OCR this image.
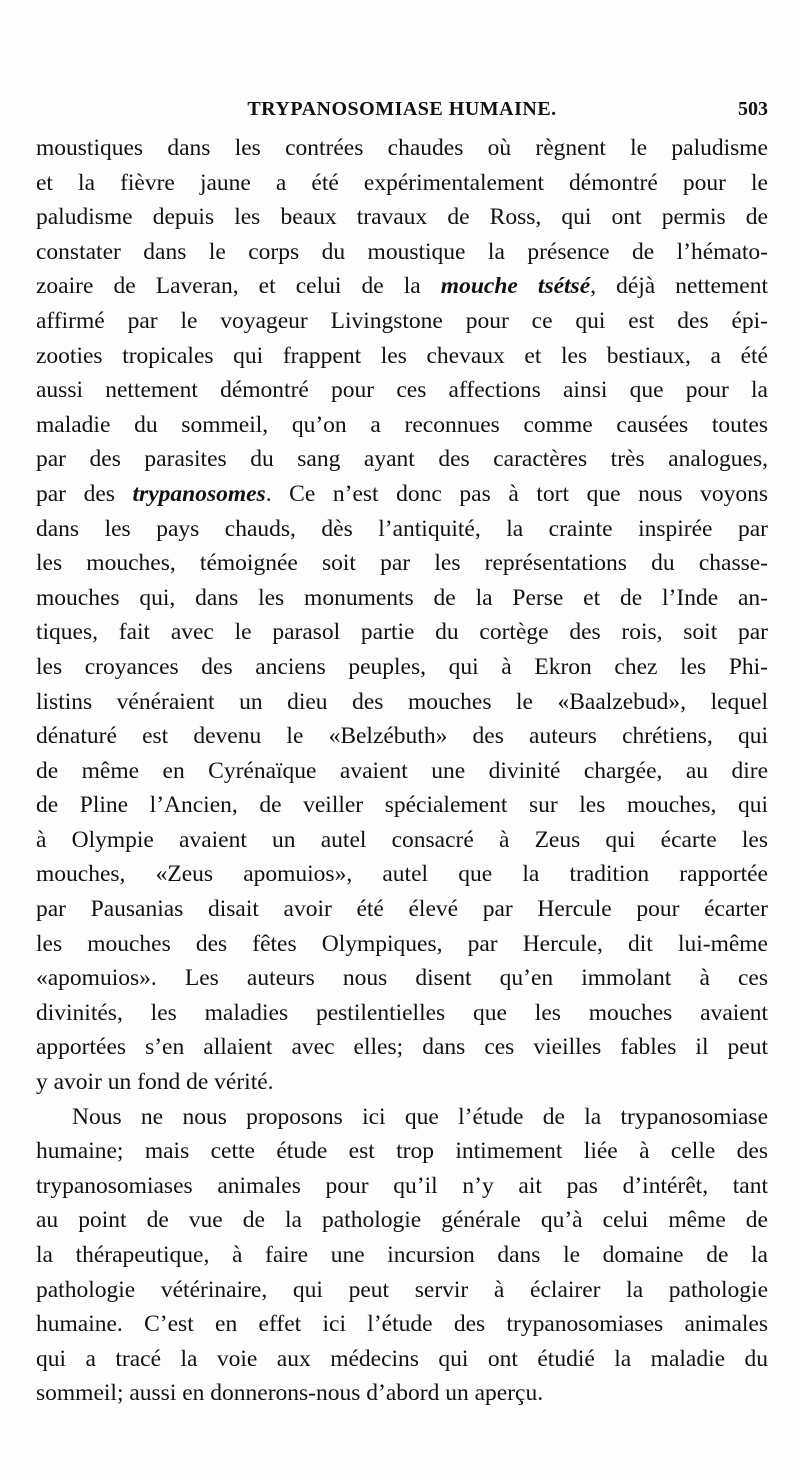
TRYPANOSOMIASE HUMAINE.	503
moustiques dans les contrées chaudes où règnent le paludisme
et la fièvre jaune a été expérimentalement démontré pour le
paludisme depuis les beaux travaux de Ross, qui ont permis de
constater dans le corps du moustique la présence de l’hémato-
zoaire de Laveran, et celui de la mouche tsétsé, déjà nettement
affirmé par le voyageur Livingstone pour ce qui est des épi-
zooties tropicales qui frappent les chevaux et les bestiaux, a été
aussi nettement démontré pour ces affections ainsi que pour la
maladie du sommeil, qu’on a reconnues comme causées toutes
par des parasites du sang ayant des caractères très analogues,
par des trypanosomes. Ce n’est donc pas à tort que nous voyons
dans les pays chauds, dès l’antiquité, la crainte inspirée par
les mouches, témoignée soit par les représentations du chasse-
mouches qui, dans les monuments de la Perse et de l’Inde an-
tiques, fait avec le parasol partie du cortège des rois, soit par
les croyances des anciens peuples, qui à Ekron chez les Phi-
listins vénéraient un dieu des mouches le «Baalzebud», lequel
dénaturé est devenu le «Belzébuth» des auteurs chrétiens, qui
de même en Cyrénaïque avaient une divinité chargée, au dire
de Pline l’Ancien, de veiller spécialement sur les mouches, qui
à Olympie avaient un autel consacré à Zeus qui écarte les
mouches, «Zeus apomuios», autel que la tradition rapportée
par Pausanias disait avoir été élevé par Hercule pour écarter
les mouches des fêtes Olympiques, par Hercule, dit lui-même
«apomuios». Les auteurs nous disent qu’en immolant à ces
divinités, les maladies pestilentielles que les mouches avaient
apportées s’en allaient avec elles; dans ces vieilles fables il peut
y avoir un fond de vérité.
Nous ne nous proposons ici que l’étude de la trypanosomiase
humaine; mais cette étude est trop intimement liée à celle des
trypanosomiases animales pour qu’il n’y ait pas d’intérêt, tant
au point de vue de la pathologie générale qu’à celui même de
la thérapeutique, à faire une incursion dans le domaine de la
pathologie vétérinaire, qui peut servir à éclairer la pathologie
humaine. C’est en effet ici l’étude des trypanosomiases animales
qui a tracé la voie aux médecins qui ont étudié la maladie du
sommeil; aussi en donnerons-nous d’abord un aperçu.
